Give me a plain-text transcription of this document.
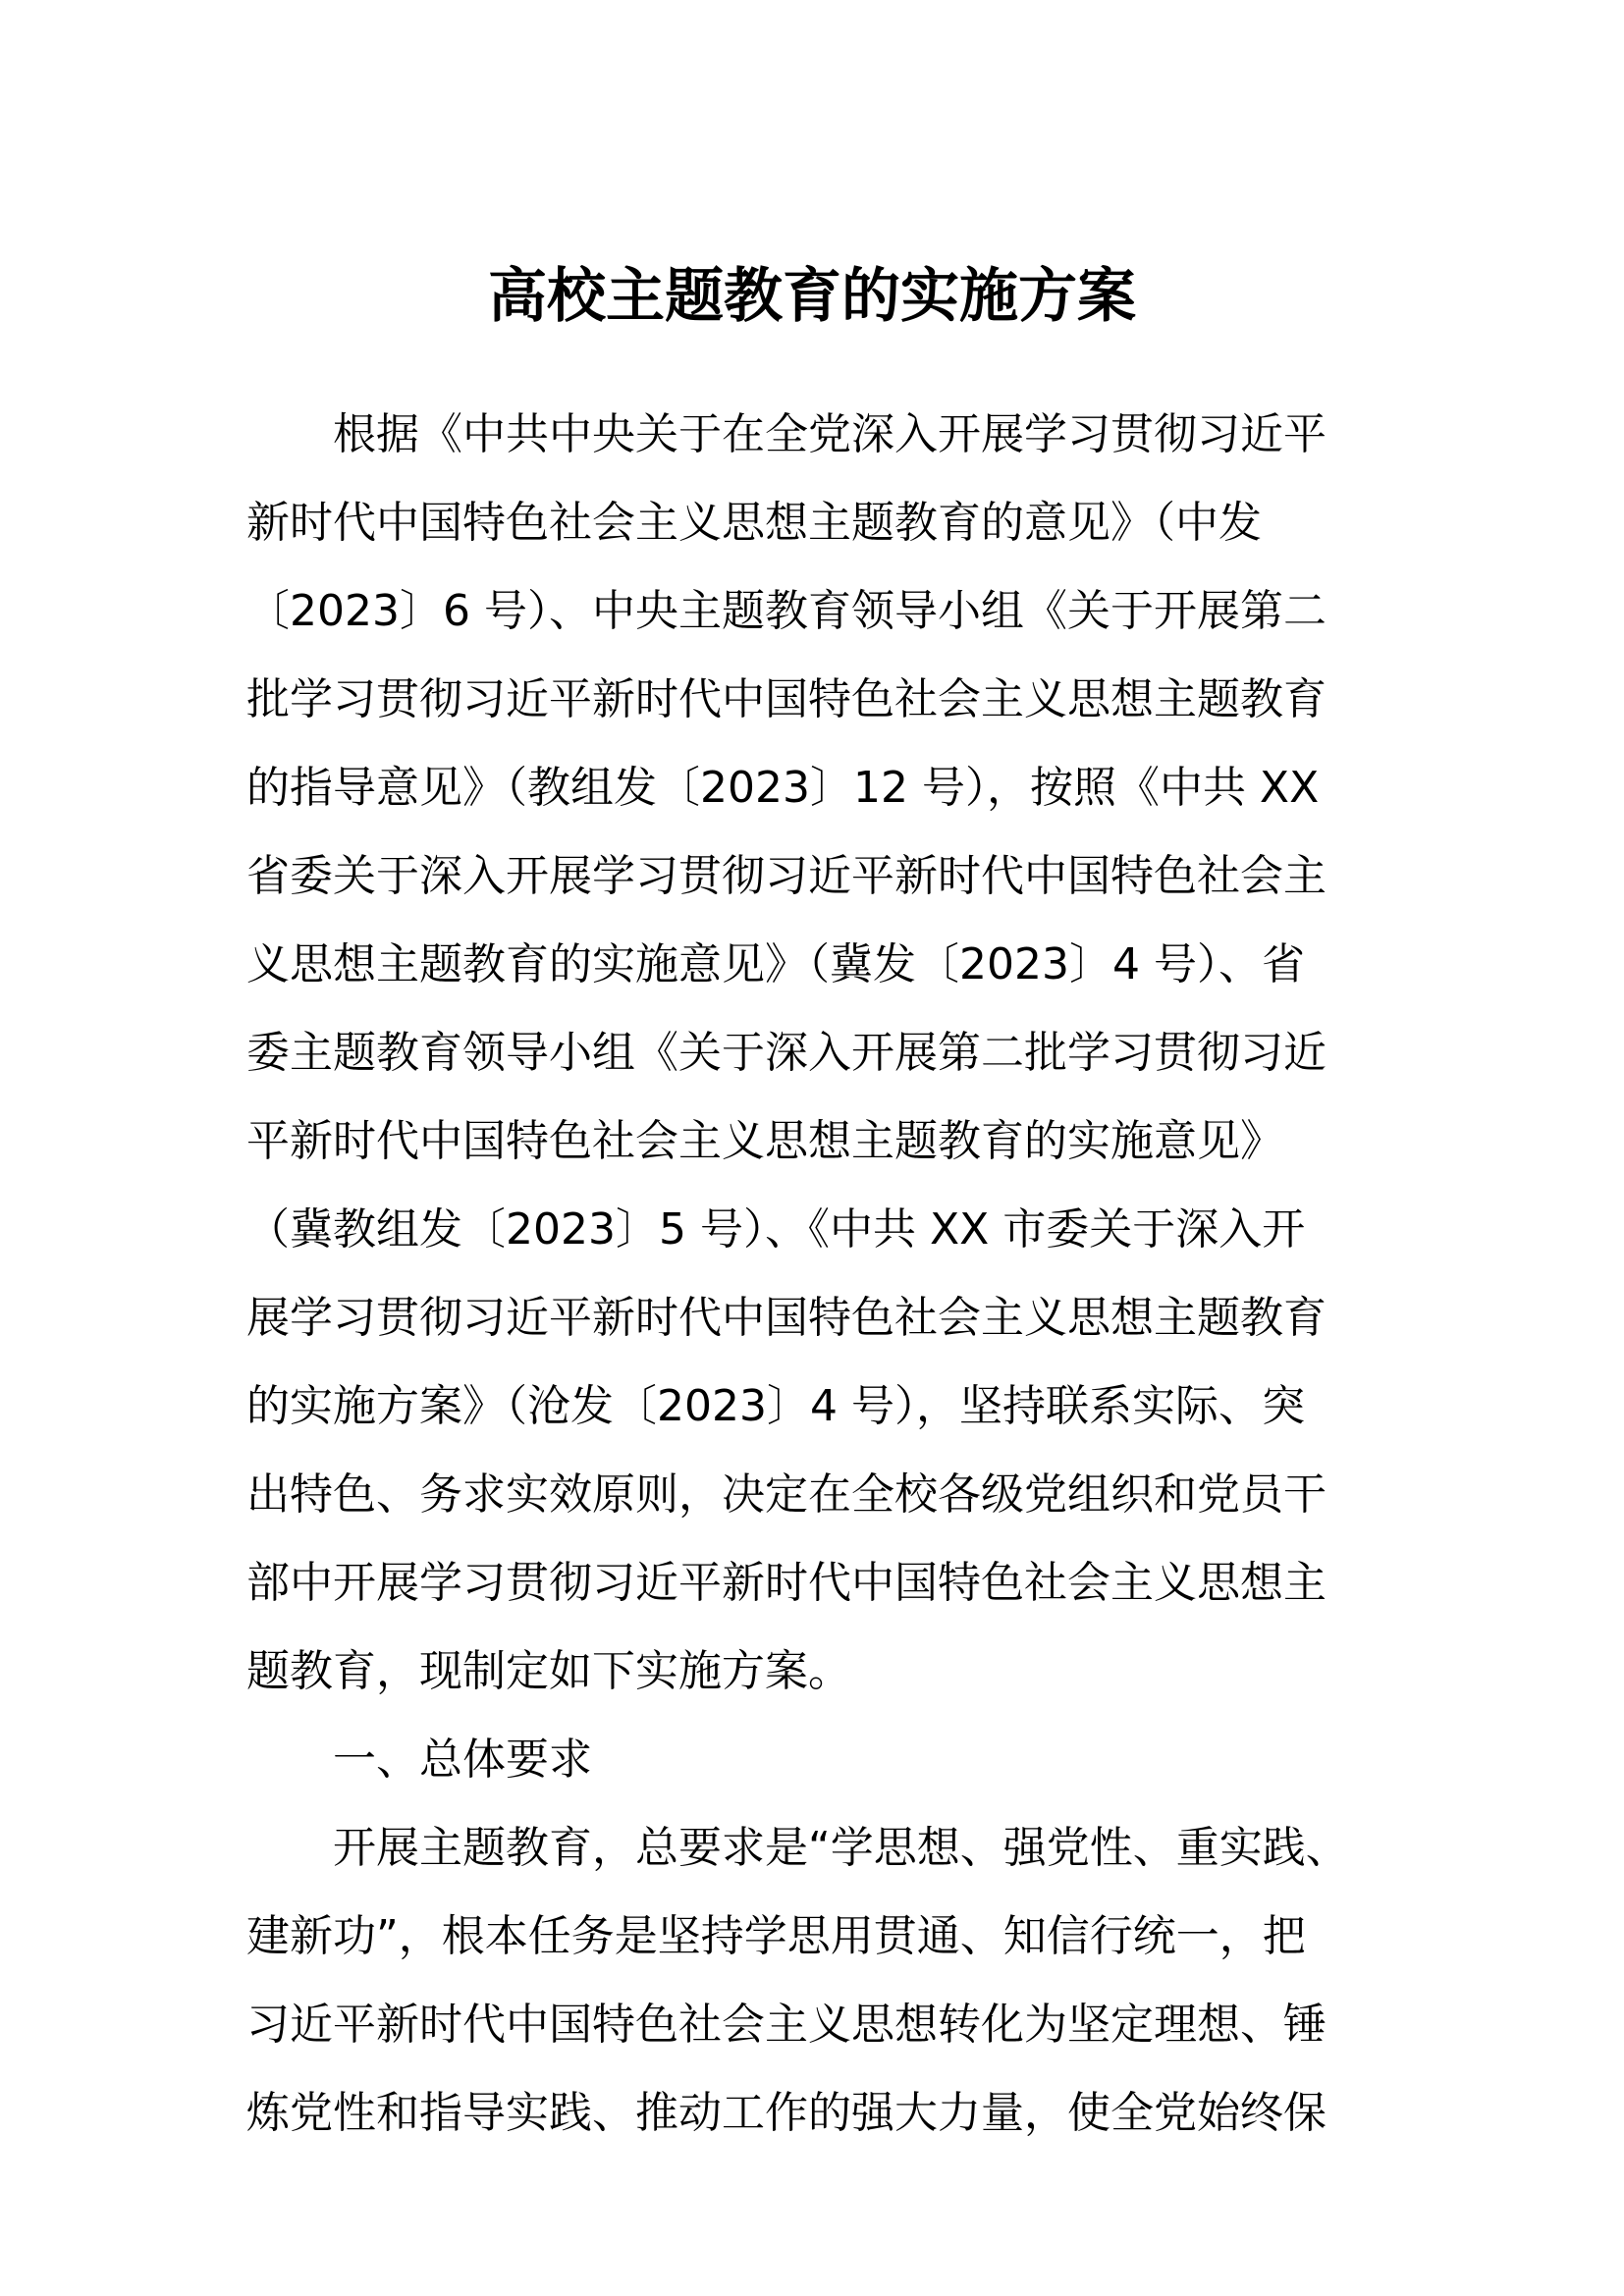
高校主题教育的实施方案

　　根据《中共中央关于在全党深入开展学习贯彻习近平

新时代中国特色社会主义思想主题教育的意见》（中发

〔2023〕6 号）、中央主题教育领导小组《关于开展第二

批学习贯彻习近平新时代中国特色社会主义思想主题教育

的指导意见》（教组发〔2023〕12 号），按照《中共 XX

省委关于深入开展学习贯彻习近平新时代中国特色社会主

义思想主题教育的实施意见》（冀发〔2023〕4 号）、省

委主题教育领导小组《关于深入开展第二批学习贯彻习近

平新时代中国特色社会主义思想主题教育的实施意见》

（冀教组发〔2023〕5 号）、《中共 XX 市委关于深入开

展学习贯彻习近平新时代中国特色社会主义思想主题教育

的实施方案》（沧发〔2023〕4 号），坚持联系实际、突

出特色、务求实效原则，决定在全校各级党组织和党员干

部中开展学习贯彻习近平新时代中国特色社会主义思想主

题教育，现制定如下实施方案。

　　一、总体要求

　　开展主题教育，总要求是“学思想、强党性、重实践、

建新功”，根本任务是坚持学思用贯通、知信行统一，把

习近平新时代中国特色社会主义思想转化为坚定理想、锤

炼党性和指导实践、推动工作的强大力量，使全党始终保
